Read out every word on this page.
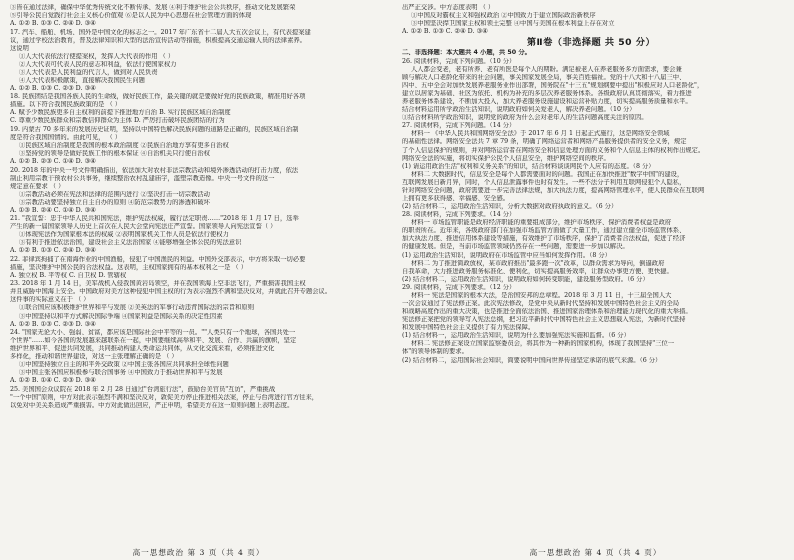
③皆在通过法律，确保中华优秀传统文化不断传承、发展 ④利于维护社会公共秩序，推动文化发展繁荣
⑤引导公民自觉践行社会主义核心价值观 ⑥是以人民为中心思想在社会管理方面的体现
A. ①② B. ①③ C. ②④ D. ③④
17. 汽车、船舶、机场、国外是中国文化的标志之一。2017 年广东省十二届人大五次会议上，有代表提案建
议，通过学校法治教育，普及法律知识和大型的法治宣传活动等措施，积极提高交通运输人员的法律素养。
这说明
①人大代表依法行使提案权，发挥人大代表的作用 （ ）
②人大代表可代表人民的意志和利益，依法行使国家权力
③人大代表是人民利益的代言人，做到对人民负责
④人大代表积极献策，直接解决我国民生问题
A. ①② B. ①③ C. ②③ D. ③④
18. 民族团结是我国各族人民的生命线，做好民族工作，最关键的就是要做好党的民族政策，精准用好各项
措施。以下符合我国民族政策的是 （ ）
A. 赋予少数民族更多自主权利的前提下推进地方自治 B. 实行民族区域自治制度
C. 尊重少数民族群众和宗教信仰群众为主体 D. 严厉打击破坏民族团结的行为
19. 内蒙古 70 多年来的发展历史证明，坚持以中国特色解决民族问题的道路是正确的，民族区域自治制
度是符合我国国情的。由此可见， （ ）
①民族区域自治制度是我国的根本政治制度 ②民族自治地方享有更多自治权
③坚持党的领导是做好民族工作的根本保证 ④自治机关只行使自治权
A. ①② B. ②③ C. ①④ D. ③④
20. 2018 年的中央一号文件明确指出，依法加大对农村非法宗教活动和境外渗透活动的打击力度，依法
制止利用宗教干预农村公共事务，继续整治农村乱建庙宇，滥塑宗教造像。中央一号文件的这一
规定意在要求 （ ）
①宗教活动必须在宪法和法律的范围内进行 ②坚决打击一切宗教活动
③宗教活动要坚持独立自主自办的原则 ④防范宗教势力的渗透和破坏
A. ①③ B. ②④ C. ①④ D. ③④
21. "我宣誓：忠于中华人民共和国宪法，维护宪法权威，履行法定职责……"2018 年 1 月 17 日，选举
产生的新一届国家领导人历史上首次在人民大会堂向宪法庄严宣誓。国家领导人向宪法宣誓（ ）
①体现宪法作为国家根本法的权威 ②表明国家机关工作人员是依法行使权力
③有利于推进依法治国，建设社会主义法治国家 ④能够增强全体公民的宪法意识
A. ①② B. ①③ C. ②④ D. ③④
22. 菲律宾拘捕了在南海作业的中国渔船，侵犯了中国渔民的利益。中国外交部表示，中方将采取一切必要
措施，坚决维护中国公民的合法权益。这表明，主权国家拥有的基本权利之一是 （ ）
A. 独立权 B. 平等权 C. 自卫权 D. 管辖权
23. 2018 年 1 月 14 日，美军战机入侵我国黄岩岛领空，并在我国领海上空非法飞行，严重损害我国主权
并且威胁中国海上安全。中国政府对美方这种侵犯中国主权的行为表示强烈不满和坚决反对，并就此召开专题会议。
这件事的实际意义在于 （ ）
①联合国应该积极维护世界和平与发展 ②美英法的军事行动违背国际法的宗旨和原则
③中国坚持以和平方式解决国际争端 ④国家利益是国际关系的决定性因素
A. ①② B. ①③ C. ②③ D. ③④
24. "国家无论大小、强弱、贫富，都应该是国际社会中平等的一员。""人类只有一个地球，各国共处一
个世界"……如今各国的发展越来越联系在一起，中国要继续高举和平、发展、合作、共赢的旗帜，坚定
维护世界和平、促进共同发展，共同推动构建人类命运共同体，从文化交流来看，必须推进文化
多样化，推动和谐世界建设，对这一主张理解正确的是 （ ）
①中国坚持独立自主的和平外交政策 ②中国主张各国应共同承担全球性问题
③中国主张各国应积极参与联合国事务 ④中国致力于推动世界和平与发展
A. ①② B. ①④ C. ②③ D. ③④
25. 美国国会众议院在 2018 年 2 月 28 日通过"台湾旅行法"，鼓励台美官员"互访"，严重挑战
"一个中国"原则，中方对此表示强烈不满和坚决反对，敦促美方停止推进相关法案，停止与台湾进行官方往来，
以免对中美关系造成严重损害。中方对此做出回应，严正申明，希望美方在这一原则问题上表明态度。
出严正交涉。中方态度表明 （ ）
①中国反对霸权主义和强权政治 ②中国致力于建立国际政治新秩序
③中国坚决捍卫国家主权和领土完整 ④中国与美国在根本利益上存在对立
A. ①② B. ①③ C. ②④ D. ③④
第Ⅱ卷（非选择题 共 50 分）
二、非选择题：本大题共 4 小题，共 50 分。
26. 阅读材料，完成下列问题。（10 分）
人人都会变老，老有所养、老有所医是每个人的期盼。满足被老人在养老服务多方面需求，要会兼
顾与解决人口老龄化带来的社会问题，事关国家发展全局，事关百姓福祉。党的十八大和十八届三中、
四中、五中全会对加快发展养老服务业作出部署，国务院在"十三五"规划纲要中提出"积极应对人口老龄化"，
建立以居家为基础、社区为依托、机构为补充的多层次养老服务体系。各级政府认真贯彻落实，着力推进
养老服务体系建设，不断加大投入，加大养老服务设施建设和运营补贴力度，切实提高服务质量和水平。
结合材料运用所学政治生活知识，说明政府如何关爱老人，解决养老问题。（10 分）
①结合材料所学政治知识，说明党的政府为什么会对老年人的生活问题高度关注的原因。
27. 阅读材料，完成下列问题。（14 分）
材料一 《中华人民共和国网络安全法》于 2017 年 6 月 1 日起正式施行，这是网络安全领域
的基础性法律。网络安全法共 7 章 79 条，明确了网络运营者和网络产品服务提供者的安全义务，规定
了个人信息保护的规则，并对网络运营者在网络安全和信息处理方面的义务和个人信息主体的权利作出规定。
网络安全法的实施，将切实保护公民个人信息安全，维护网络空间的秩序。
(1) 请运用政治生活"权利和义务关系"的知识，结合材料谈谈网民个人应有的态度。（8 分）
材料二 大数据时代，信息安全是每个人都需要面对的问题。我国正在加快推进"数字中国"的建设，
互联网发展日新月异，同时，个人信息泄露事件也时有发生。一些不法分子利用互联网侵犯个人隐私，
针对网络安全问题，政府需要进一步完善法律法规，加大执法力度，提高网络管理水平，使人民群众在互联网
上拥有更多获得感、幸福感、安全感。
(2) 结合材料二，运用政治生活知识，分析大数据对政府执政的意义。（6 分）
28. 阅读材料，完成下列要求。（14 分）
材料一 市场监管职能是政府经济职能的重要组成部分，维护市场秩序、保护消费者权益是政府
的职责所在。近年来，各级政府部门在加强市场监管方面做了大量工作，通过建立健全市场监管体系、
加大执法力度、推进信用体系建设等措施，有效维护了市场秩序，保护了消费者合法权益，促进了经济
的健康发展。但是，当前市场监管领域仍然存在一些问题，需要进一步加以解决。
(1) 运用政治生活知识，说明政府在市场监管中应当如何发挥作用。（8 分）
材料二 为了推进简政放权，某市政府推出"最多跑一次"改革，以群众需求为导向，倒逼政府
自我革命，大力推进政务服务标准化、便利化，切实提高服务效率，让群众办事更方便、更快捷。
(2) 结合材料二，运用政治生活知识，说明政府如何转变职能，建设服务型政府。（6 分）
29. 阅读材料，完成下列要求。（12 分）
材料一 宪法是国家的根本大法，是治国安邦的总章程。2018 年 3 月 11 日，十三届全国人大
一次会议通过了宪法修正案。此次宪法修改，是党中央从新时代坚持和发展中国特色社会主义的全局
和战略高度作出的重大决策，也是推进全面依法治国、推进国家治理体系和治理能力现代化的重大举措。
宪法修正案把党的领导写入宪法总纲，把习近平新时代中国特色社会主义思想载入宪法，为新时代坚持
和发展中国特色社会主义提供了有力宪法保障。
(1) 结合材料一，运用政治生活知识，说明为什么要加强宪法实施和监督。（6 分）
材料二 宪法修正案设立国家监察委员会，将其作为一种新的国家机构，体现了我国坚持"三位一
体"的领导体制的要求。
(2) 结合材料二，运用国际社会知识，简要说明中国向世界传递坚定承诺的底气来源。（6 分）
高一思想政治 第 3 页（共 4 页）	高一思想政治 第 4 页（共 4 页）
